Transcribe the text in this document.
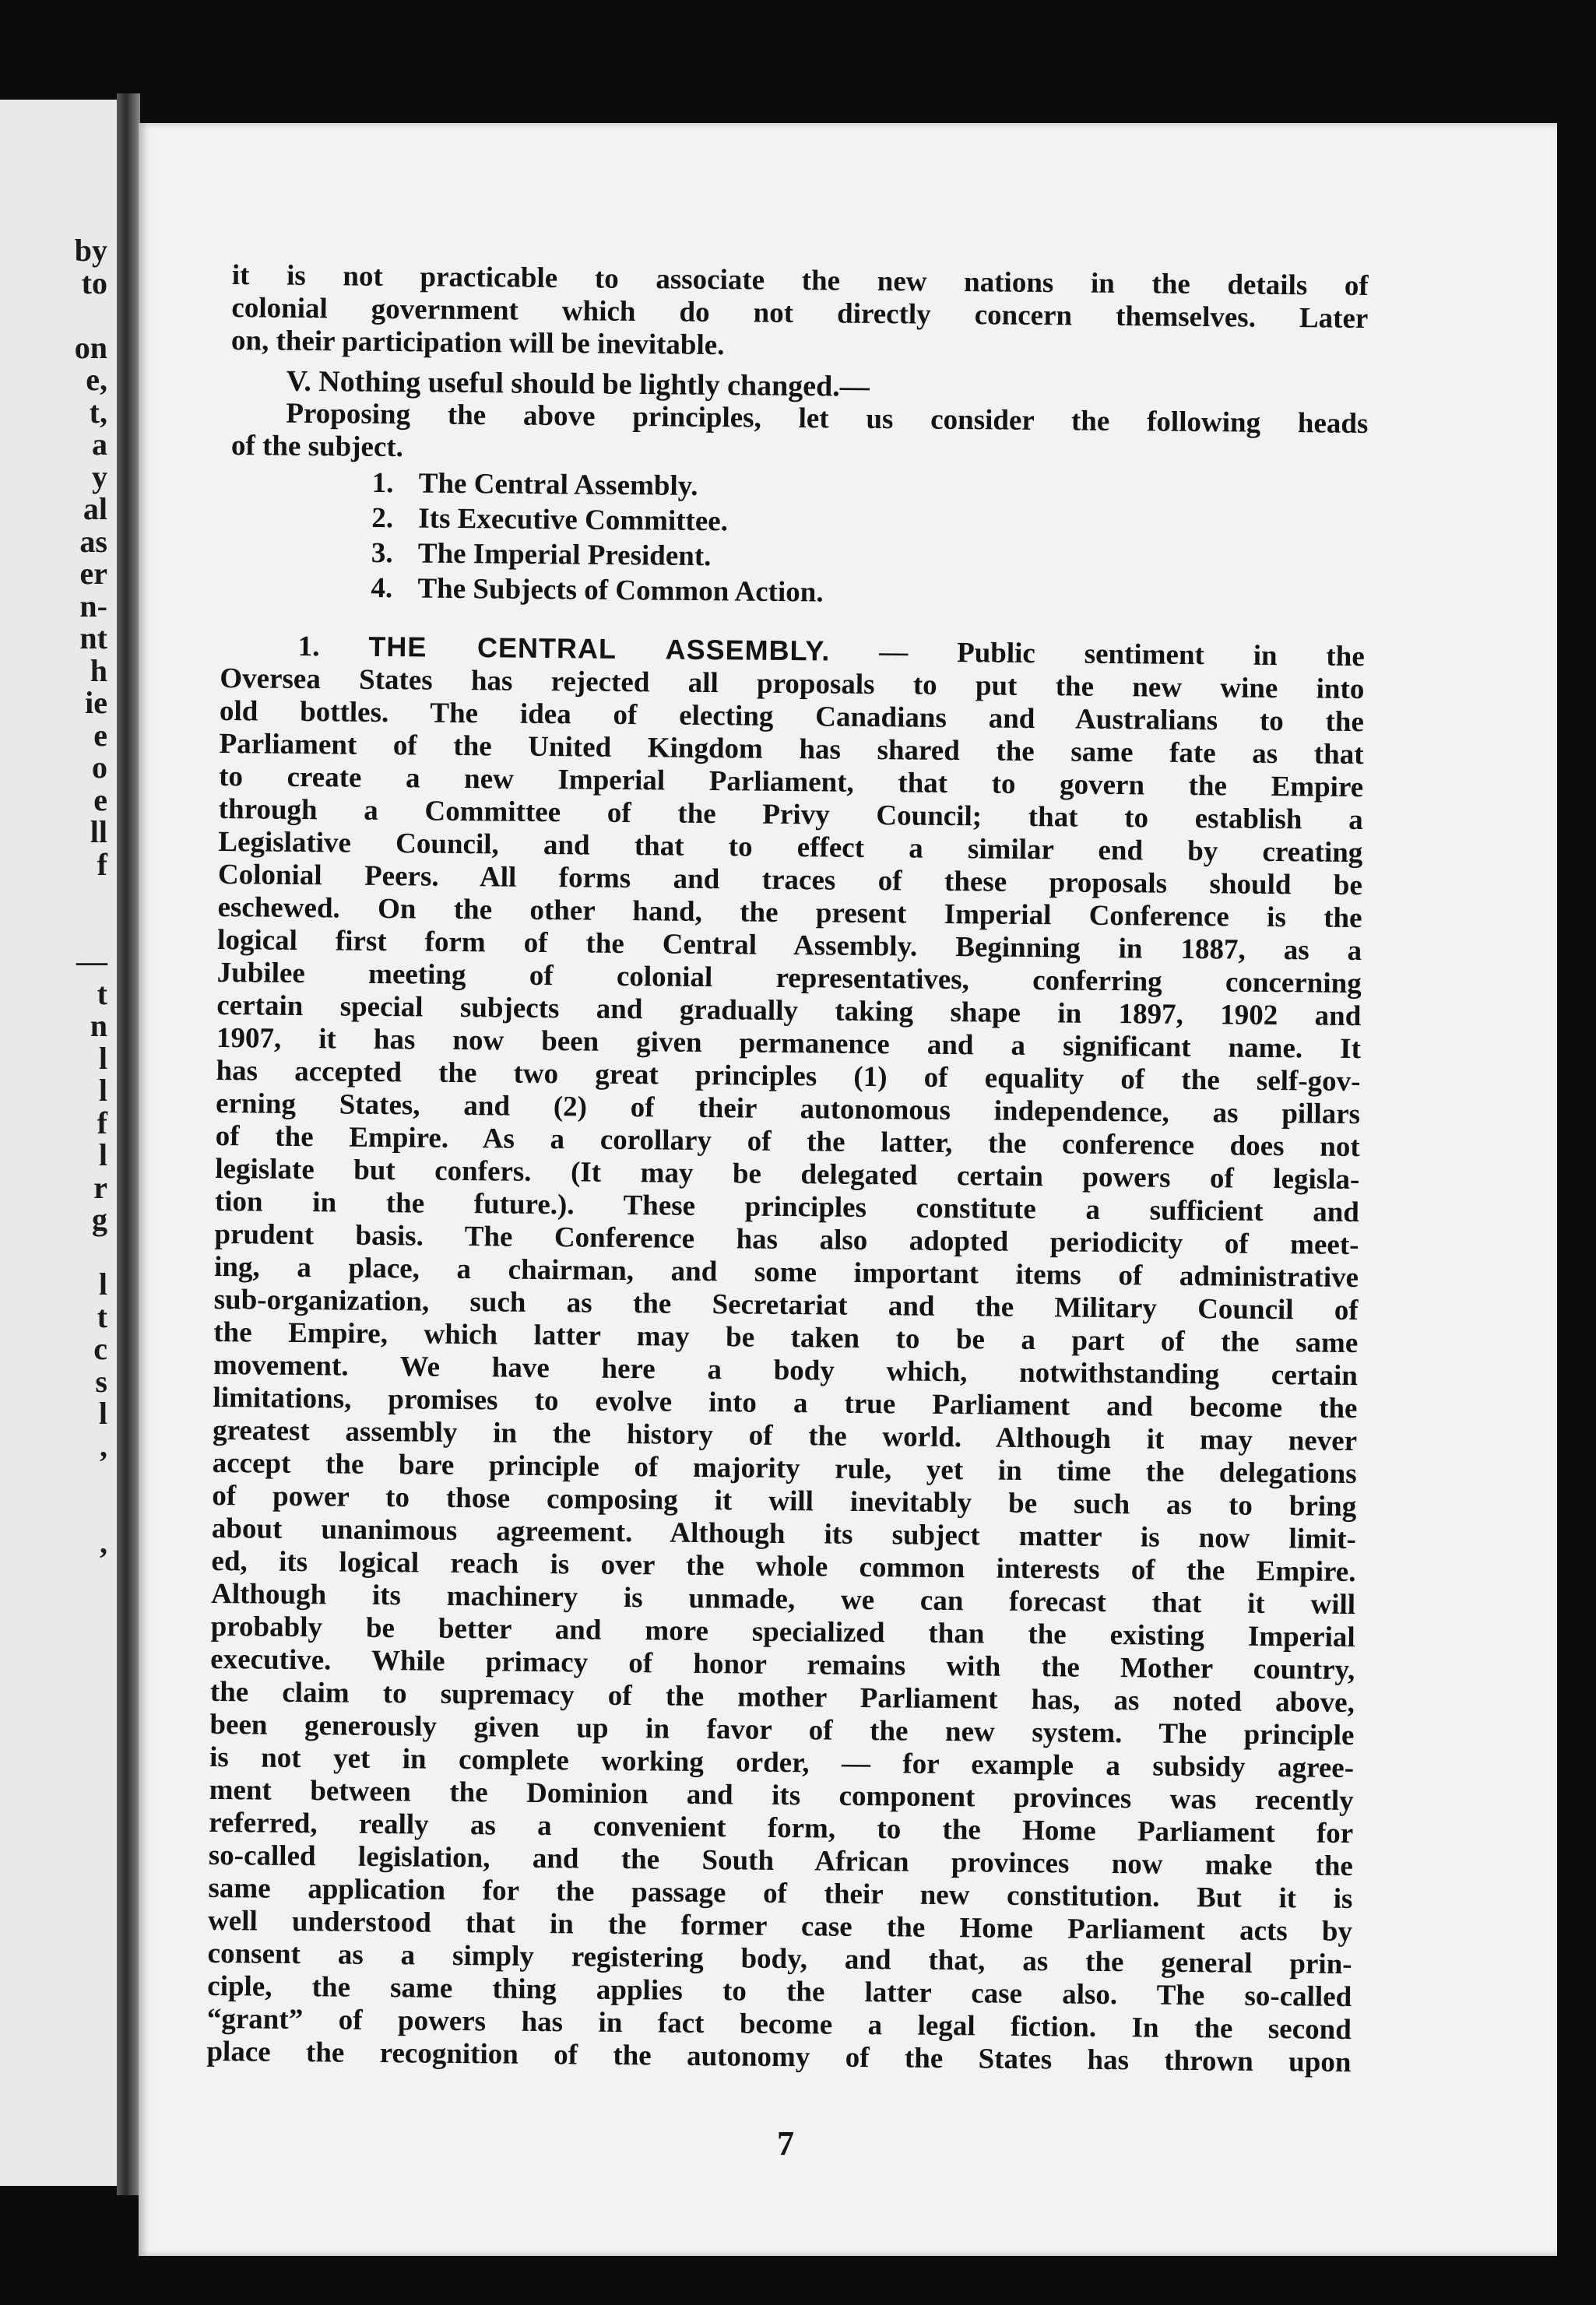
by
to
on
e,
t,
a
y
al
as
er
n-
nt
h
ie
e
o
e
ll
f
—
t
n
l
l
f
l
r
g
l
t
c
s
l
,
,
it is not practicable to associate the new nations in the details of
colonial government which do not directly concern themselves. Later
on, their participation will be inevitable.
V. Nothing useful should be lightly changed.—
Proposing the above principles, let us consider the following heads
of the subject.
1. The Central Assembly.
2. Its Executive Committee.
3. The Imperial President.
4. The Subjects of Common Action.
1. THE CENTRAL ASSEMBLY. — Public sentiment in the
Oversea States has rejected all proposals to put the new wine into
old bottles. The idea of electing Canadians and Australians to the
Parliament of the United Kingdom has shared the same fate as that
to create a new Imperial Parliament, that to govern the Empire
through a Committee of the Privy Council; that to establish a
Legislative Council, and that to effect a similar end by creating
Colonial Peers. All forms and traces of these proposals should be
eschewed. On the other hand, the present Imperial Conference is the
logical first form of the Central Assembly. Beginning in 1887, as a
Jubilee meeting of colonial representatives, conferring concerning
certain special subjects and gradually taking shape in 1897, 1902 and
1907, it has now been given permanence and a significant name. It
has accepted the two great principles (1) of equality of the self-gov-
erning States, and (2) of their autonomous independence, as pillars
of the Empire. As a corollary of the latter, the conference does not
legislate but confers. (It may be delegated certain powers of legisla-
tion in the future.). These principles constitute a sufficient and
prudent basis. The Conference has also adopted periodicity of meet-
ing, a place, a chairman, and some important items of administrative
sub-organization, such as the Secretariat and the Military Council of
the Empire, which latter may be taken to be a part of the same
movement. We have here a body which, notwithstanding certain
limitations, promises to evolve into a true Parliament and become the
greatest assembly in the history of the world. Although it may never
accept the bare principle of majority rule, yet in time the delegations
of power to those composing it will inevitably be such as to bring
about unanimous agreement. Although its subject matter is now limit-
ed, its logical reach is over the whole common interests of the Empire.
Although its machinery is unmade, we can forecast that it will
probably be better and more specialized than the existing Imperial
executive. While primacy of honor remains with the Mother country,
the claim to supremacy of the mother Parliament has, as noted above,
been generously given up in favor of the new system. The principle
is not yet in complete working order, — for example a subsidy agree-
ment between the Dominion and its component provinces was recently
referred, really as a convenient form, to the Home Parliament for
so-called legislation, and the South African provinces now make the
same application for the passage of their new constitution. But it is
well understood that in the former case the Home Parliament acts by
consent as a simply registering body, and that, as the general prin-
ciple, the same thing applies to the latter case also. The so-called
“grant” of powers has in fact become a legal fiction. In the second
place the recognition of the autonomy of the States has thrown upon
7
